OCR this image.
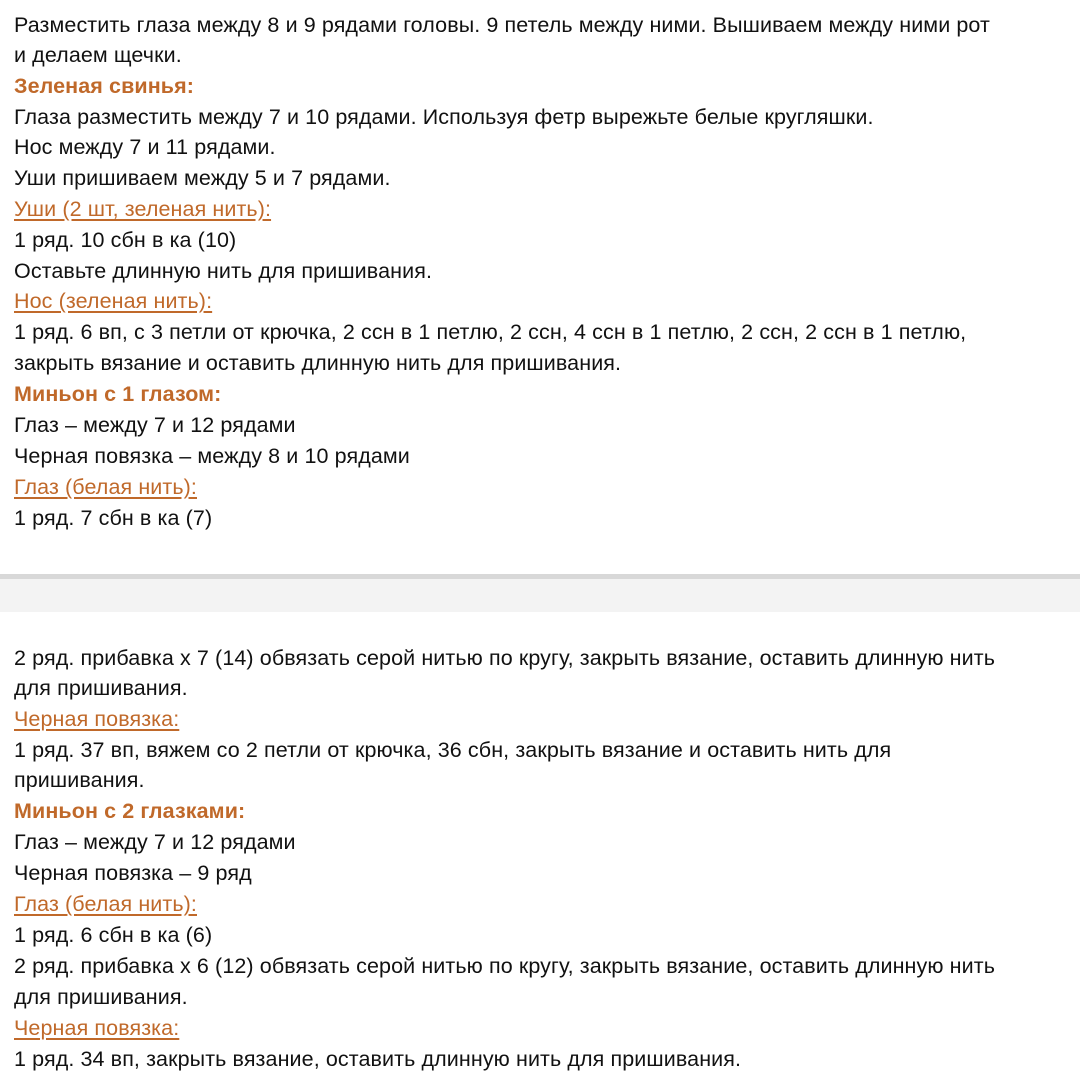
Разместить глаза между 8 и 9 рядами головы. 9 петель между ними. Вышиваем между ними рот
и делаем щечки.
Зеленая свинья:
Глаза разместить между 7 и 10 рядами. Используя фетр вырежьте белые кругляшки.
Нос между 7 и 11 рядами.
Уши пришиваем между 5 и 7 рядами.
Уши (2 шт, зеленая нить):
1 ряд. 10 сбн в ка (10)
Оставьте длинную нить для пришивания.
Нос (зеленая нить):
1 ряд. 6 вп, с 3 петли от крючка, 2 ссн в 1 петлю, 2 ссн, 4 ссн в 1 петлю, 2 ссн, 2 ссн в 1 петлю,
закрыть вязание и оставить длинную нить для пришивания.
Миньон с 1 глазом:
Глаз – между 7 и 12 рядами
Черная повязка – между 8 и 10 рядами
Глаз (белая нить):
1 ряд. 7 сбн в ка (7)
2 ряд. прибавка х 7 (14) обвязать серой нитью по кругу, закрыть вязание, оставить длинную нить
для пришивания.
Черная повязка:
1 ряд. 37 вп, вяжем со 2 петли от крючка, 36 сбн, закрыть вязание и оставить нить для
пришивания.
Миньон с 2 глазками:
Глаз – между 7 и 12 рядами
Черная повязка – 9 ряд
Глаз (белая нить):
1 ряд. 6 сбн в ка (6)
2 ряд. прибавка х 6 (12) обвязать серой нитью по кругу, закрыть вязание, оставить длинную нить
для пришивания.
Черная повязка:
1 ряд. 34 вп, закрыть вязание, оставить длинную нить для пришивания.
